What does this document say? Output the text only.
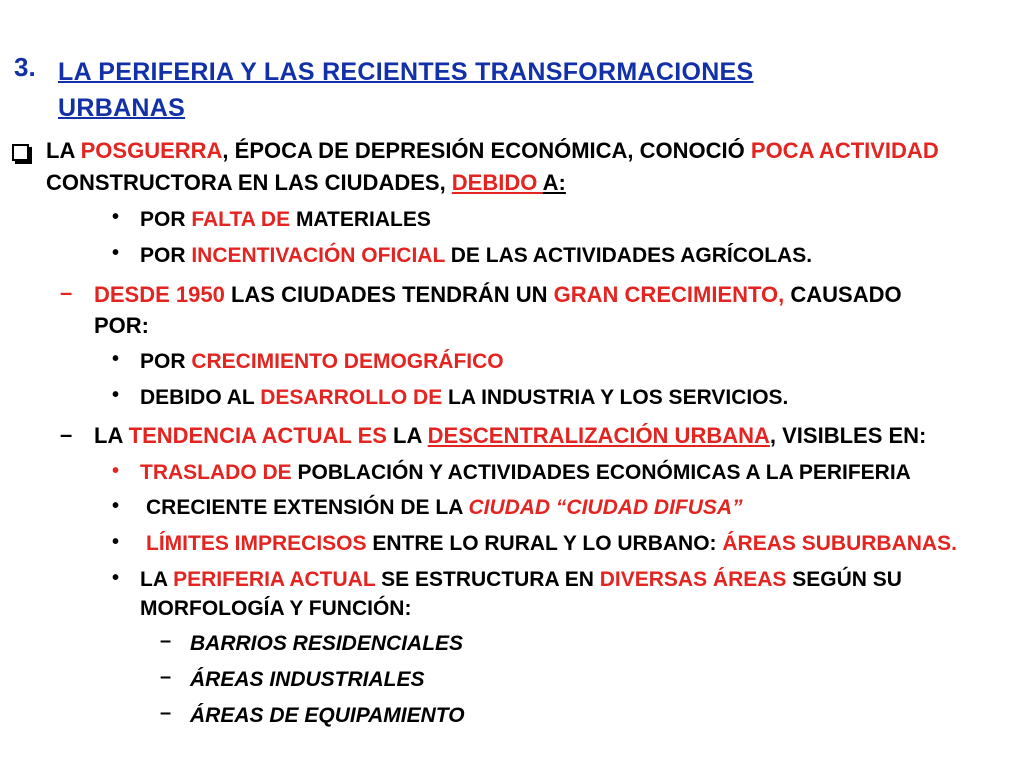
3. LA PERIFERIA Y LAS RECIENTES TRANSFORMACIONES
URBANAS
LA POSGUERRA, ÉPOCA DE DEPRESIÓN ECONÓMICA, CONOCIÓ POCA ACTIVIDAD
CONSTRUCTORA EN LAS CIUDADES, DEBIDO A:
• POR FALTA DE MATERIALES
• POR INCENTIVACIÓN OFICIAL DE LAS ACTIVIDADES AGRÍCOLAS.
– DESDE 1950 LAS CIUDADES TENDRÁN UN GRAN CRECIMIENTO, CAUSADO
POR:
• POR CRECIMIENTO DEMOGRÁFICO
• DEBIDO AL DESARROLLO DE LA INDUSTRIA Y LOS SERVICIOS.
– LA TENDENCIA ACTUAL ES LA DESCENTRALIZACIÓN URBANA, VISIBLES EN:
• TRASLADO DE POBLACIÓN Y ACTIVIDADES ECONÓMICAS A LA PERIFERIA
• CRECIENTE EXTENSIÓN DE LA CIUDAD “CIUDAD DIFUSA”
• LÍMITES IMPRECISOS ENTRE LO RURAL Y LO URBANO: ÁREAS SUBURBANAS.
• LA PERIFERIA ACTUAL SE ESTRUCTURA EN DIVERSAS ÁREAS SEGÚN SU
MORFOLOGÍA Y FUNCIÓN:
– BARRIOS RESIDENCIALES
– ÁREAS INDUSTRIALES
– ÁREAS DE EQUIPAMIENTO
